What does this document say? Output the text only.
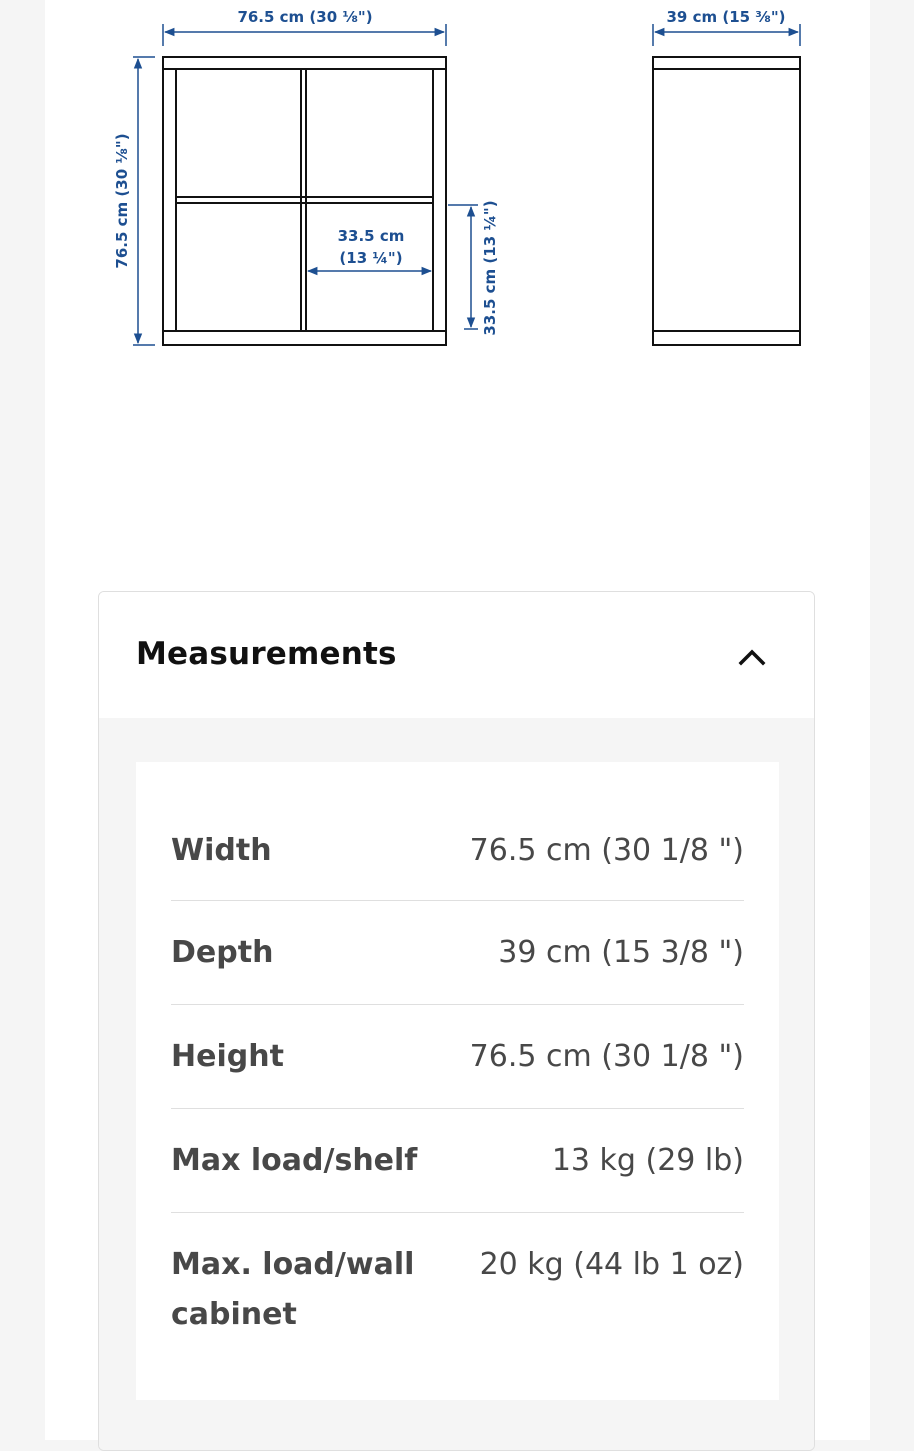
76.5 cm (30 ⅛")
76.5 cm (30 ⅛")	33.5 cm
(13 ¼")	33.5 cm (13 ¼")
39 cm (15 ⅜")
Measurements
Width	76.5 cm (30 1/8 ")
Depth	39 cm (15 3/8 ")
Height	76.5 cm (30 1/8 ")
Max load/shelf	13 kg (29 lb)
Max. load/wall cabinet
20 kg (44 lb 1 oz)
